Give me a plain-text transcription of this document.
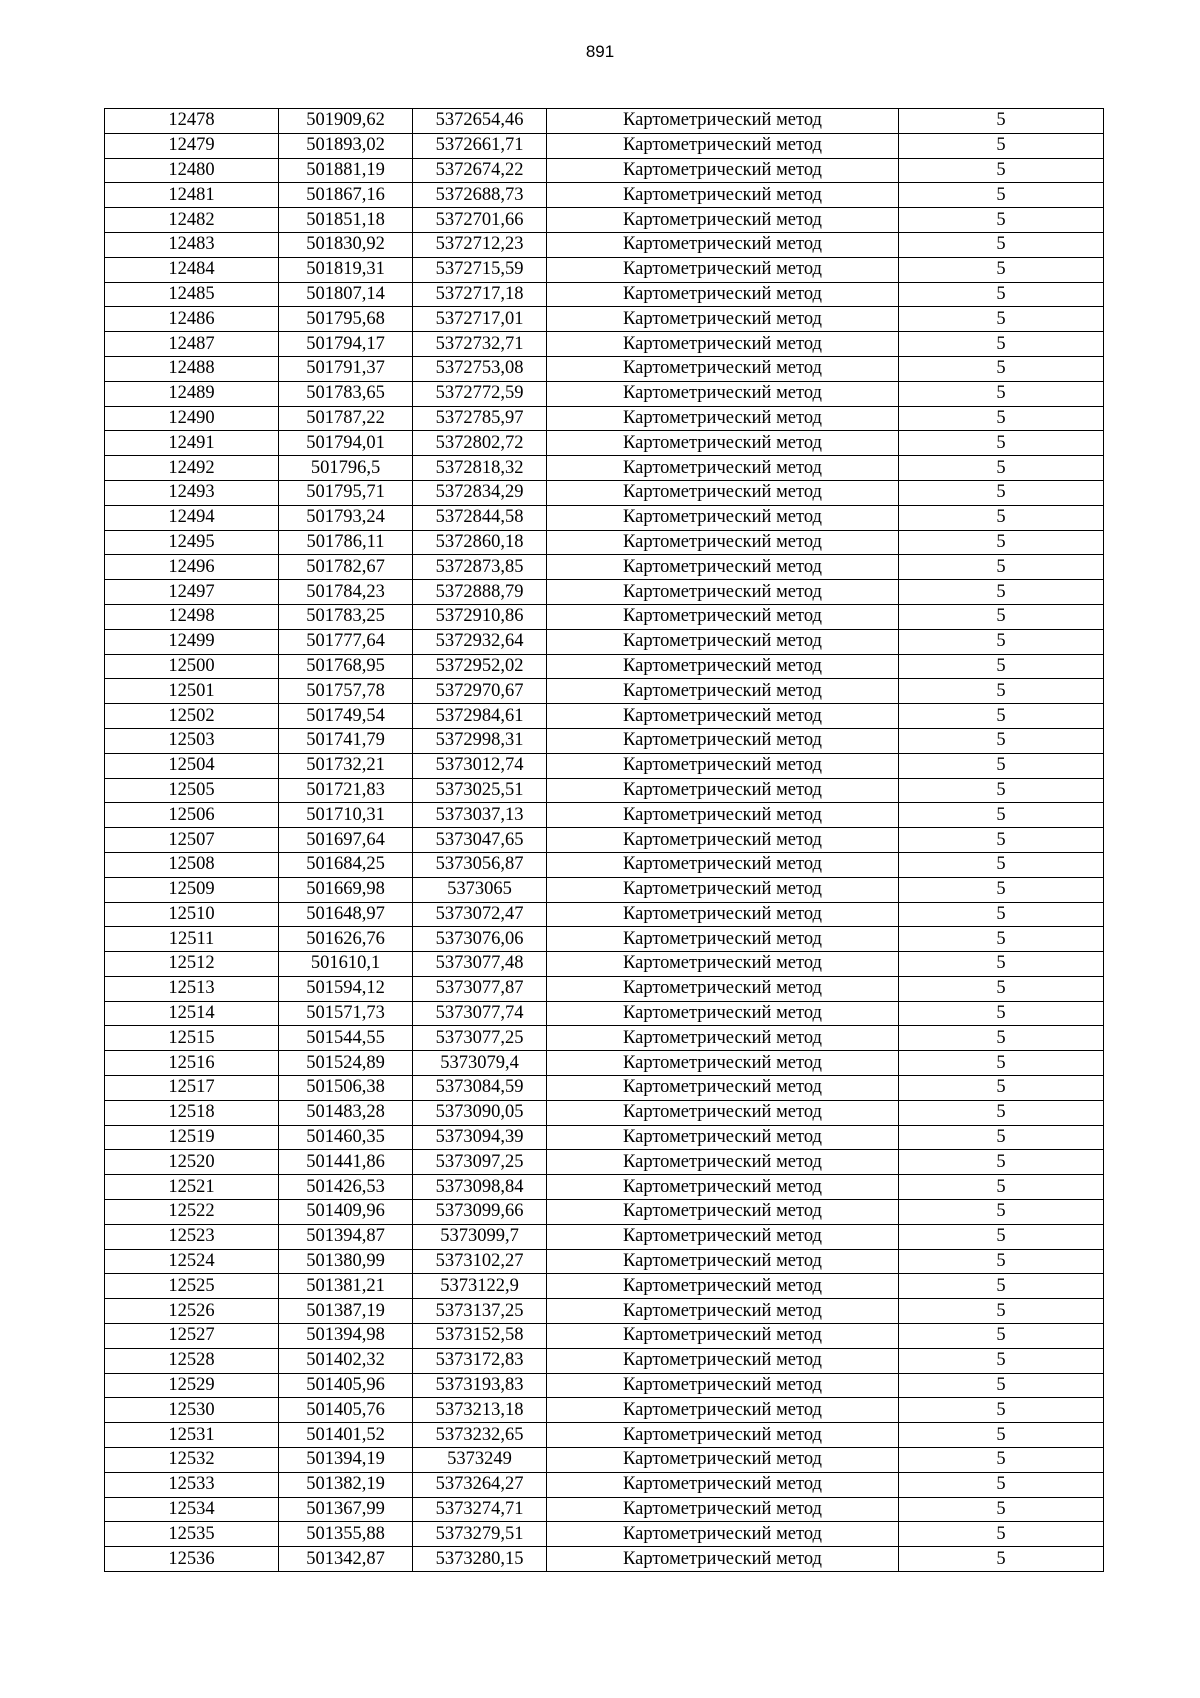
891
12478	501909,62	5372654,46	Картометрический метод	5
12479	501893,02	5372661,71	Картометрический метод	5
12480	501881,19	5372674,22	Картометрический метод	5
12481	501867,16	5372688,73	Картометрический метод	5
12482	501851,18	5372701,66	Картометрический метод	5
12483	501830,92	5372712,23	Картометрический метод	5
12484	501819,31	5372715,59	Картометрический метод	5
12485	501807,14	5372717,18	Картометрический метод	5
12486	501795,68	5372717,01	Картометрический метод	5
12487	501794,17	5372732,71	Картометрический метод	5
12488	501791,37	5372753,08	Картометрический метод	5
12489	501783,65	5372772,59	Картометрический метод	5
12490	501787,22	5372785,97	Картометрический метод	5
12491	501794,01	5372802,72	Картометрический метод	5
12492	501796,5	5372818,32	Картометрический метод	5
12493	501795,71	5372834,29	Картометрический метод	5
12494	501793,24	5372844,58	Картометрический метод	5
12495	501786,11	5372860,18	Картометрический метод	5
12496	501782,67	5372873,85	Картометрический метод	5
12497	501784,23	5372888,79	Картометрический метод	5
12498	501783,25	5372910,86	Картометрический метод	5
12499	501777,64	5372932,64	Картометрический метод	5
12500	501768,95	5372952,02	Картометрический метод	5
12501	501757,78	5372970,67	Картометрический метод	5
12502	501749,54	5372984,61	Картометрический метод	5
12503	501741,79	5372998,31	Картометрический метод	5
12504	501732,21	5373012,74	Картометрический метод	5
12505	501721,83	5373025,51	Картометрический метод	5
12506	501710,31	5373037,13	Картометрический метод	5
12507	501697,64	5373047,65	Картометрический метод	5
12508	501684,25	5373056,87	Картометрический метод	5
12509	501669,98	5373065	Картометрический метод	5
12510	501648,97	5373072,47	Картометрический метод	5
12511	501626,76	5373076,06	Картометрический метод	5
12512	501610,1	5373077,48	Картометрический метод	5
12513	501594,12	5373077,87	Картометрический метод	5
12514	501571,73	5373077,74	Картометрический метод	5
12515	501544,55	5373077,25	Картометрический метод	5
12516	501524,89	5373079,4	Картометрический метод	5
12517	501506,38	5373084,59	Картометрический метод	5
12518	501483,28	5373090,05	Картометрический метод	5
12519	501460,35	5373094,39	Картометрический метод	5
12520	501441,86	5373097,25	Картометрический метод	5
12521	501426,53	5373098,84	Картометрический метод	5
12522	501409,96	5373099,66	Картометрический метод	5
12523	501394,87	5373099,7	Картометрический метод	5
12524	501380,99	5373102,27	Картометрический метод	5
12525	501381,21	5373122,9	Картометрический метод	5
12526	501387,19	5373137,25	Картометрический метод	5
12527	501394,98	5373152,58	Картометрический метод	5
12528	501402,32	5373172,83	Картометрический метод	5
12529	501405,96	5373193,83	Картометрический метод	5
12530	501405,76	5373213,18	Картометрический метод	5
12531	501401,52	5373232,65	Картометрический метод	5
12532	501394,19	5373249	Картометрический метод	5
12533	501382,19	5373264,27	Картометрический метод	5
12534	501367,99	5373274,71	Картометрический метод	5
12535	501355,88	5373279,51	Картометрический метод	5
12536	501342,87	5373280,15	Картометрический метод	5
